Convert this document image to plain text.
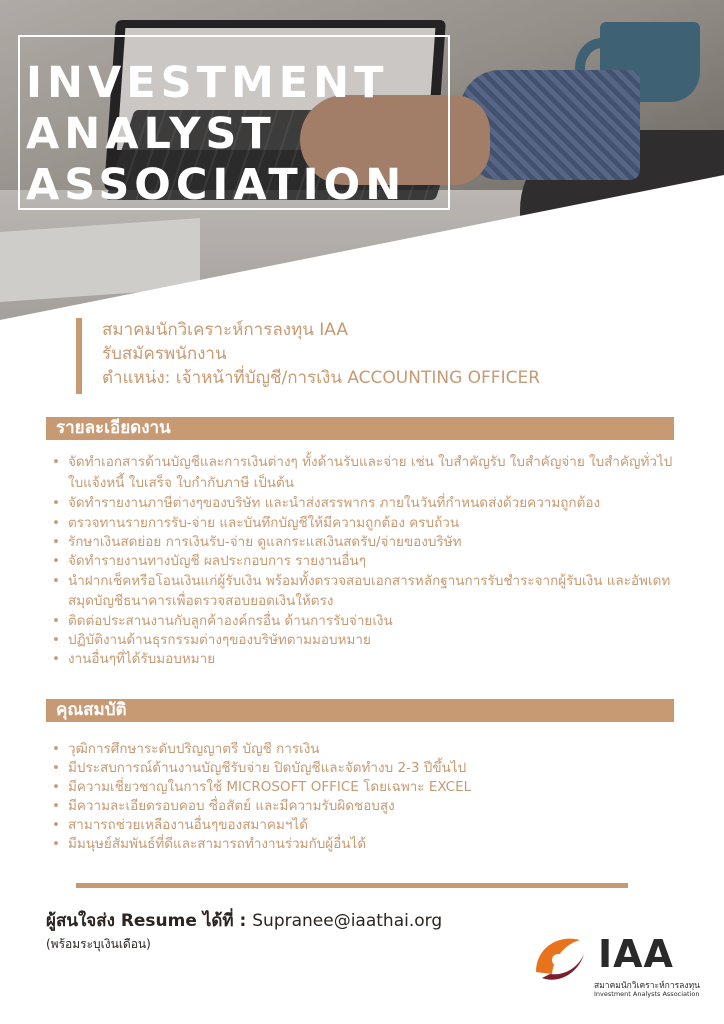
INVESTMENT
ANALYST
ASSOCIATION
สมาคมนักวิเคราะห์การลงทุน IAA
รับสมัครพนักงาน
ตำแหน่ง: เจ้าหน้าที่บัญชี/การเงิน ACCOUNTING OFFICER
รายละเอียดงาน
• จัดทำเอกสารด้านบัญชีและการเงินต่างๆ ทั้งด้านรับและจ่าย เช่น ใบสำคัญรับ ใบสำคัญจ่าย ใบสำคัญทั่วไป ใบแจ้งหนี้ ใบเสร็จ ใบกำกับภาษี เป็นต้น
• จัดทำรายงานภาษีต่างๆของบริษัท และนำส่งสรรพากร ภายในวันที่กำหนดส่งด้วยความถูกต้อง
• ตรวจทานรายการรับ-จ่าย และบันทึกบัญชีให้มีความถูกต้อง ครบถ้วน
• รักษาเงินสดย่อย การเงินรับ-จ่าย ดูแลกระแสเงินสดรับ/จ่ายของบริษัท
• จัดทำรายงานทางบัญชี ผลประกอบการ รายงานอื่นๆ
• นำฝากเช็คหรือโอนเงินแก่ผู้รับเงิน พร้อมทั้งตรวจสอบเอกสารหลักฐานการรับชำระจากผู้รับเงิน และอัพเดทสมุดบัญชีธนาคารเพื่อตรวจสอบยอดเงินให้ตรง
• ติดต่อประสานงานกับลูกค้าองค์กรอื่น ด้านการรับจ่ายเงิน
• ปฏิบัติงานด้านธุรกรรมต่างๆของบริษัทตามมอบหมาย
• งานอื่นๆที่ได้รับมอบหมาย
คุณสมบัติ
• วุฒิการศึกษาระดับปริญญาตรี บัญชี การเงิน
• มีประสบการณ์ด้านงานบัญชีรับจ่าย ปิดบัญชีและจัดทำงบ 2-3 ปีขึ้นไป
• มีความเชี่ยวชาญในการใช้ MICROSOFT OFFICE โดยเฉพาะ EXCEL
• มีความละเอียดรอบคอบ ซื่อสัตย์ และมีความรับผิดชอบสูง
• สามารถช่วยเหลืองานอื่นๆของสมาคมฯได้
• มีมนุษย์สัมพันธ์ที่ดีและสามารถทำงานร่วมกับผู้อื่นได้
ผู้สนใจส่ง Resume ได้ที่ : Supranee@iaathai.org
(พร้อมระบุเงินเดือน)	IAA
สมาคมนักวิเคราะห์การลงทุน
Investment Analysts Association
